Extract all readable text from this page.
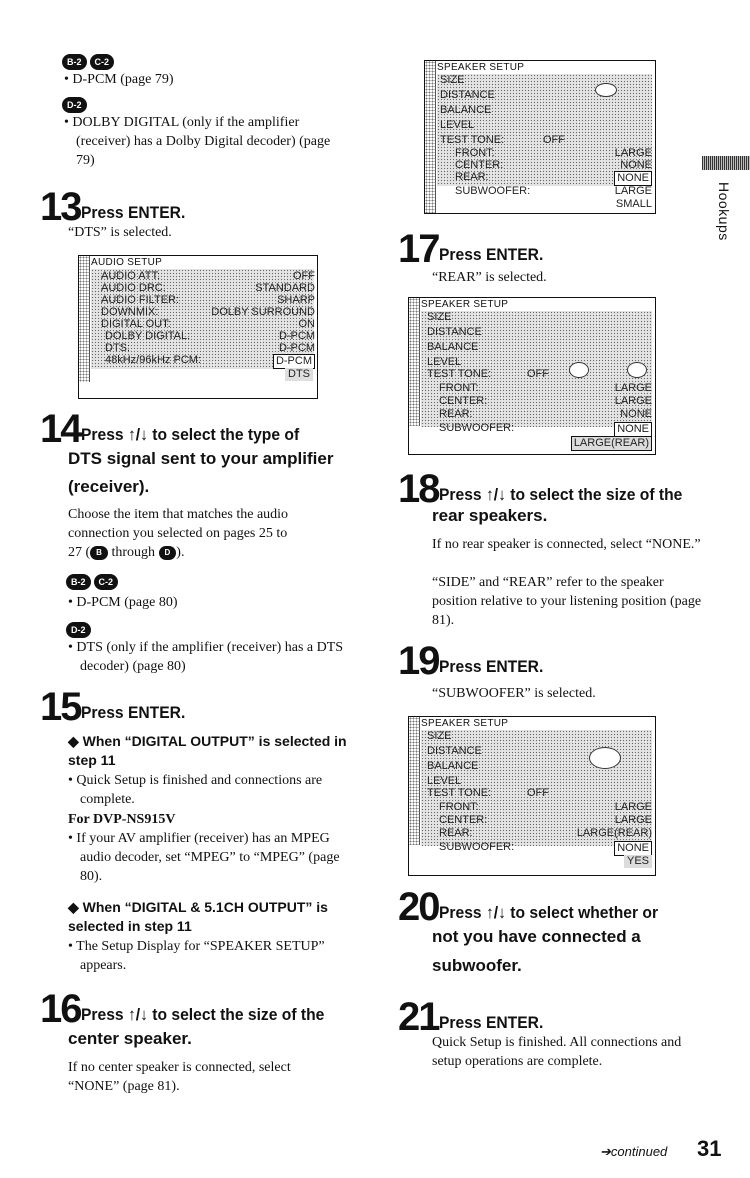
Hookups
B-2 C-2
• D-PCM (page 79)
D-2
• DOLBY DIGITAL (only if the amplifier (receiver) has a Dolby Digital decoder) (page 79)
13 Press ENTER.
“DTS” is selected.
AUDIO SETUP
AUDIO ATT:	OFF
AUDIO DRC:	STANDARD
AUDIO FILTER:	SHARP
DOWNMIX:	DOLBY SURROUND
DIGITAL OUT:	ON
DOLBY DIGITAL:	D-PCM
DTS:	D-PCM
48kHz/96kHz PCM:	D-PCM
DTS
14 Press ↑/↓ to select the type of
DTS signal sent to your amplifier
(receiver).
Choose the item that matches the audio connection you selected on pages 25 to
27 ( B through D ).
B-2 C-2
• D-PCM (page 80)
D-2
• DTS (only if the amplifier (receiver) has a DTS decoder) (page 80)
15 Press ENTER.
◆ When “DIGITAL OUTPUT” is selected in step 11
• Quick Setup is finished and connections are complete.
For DVP-NS915V
• If your AV amplifier (receiver) has an MPEG audio decoder, set “MPEG” to “MPEG” (page 80).
◆ When “DIGITAL & 5.1CH OUTPUT” is selected in step 11
• The Setup Display for “SPEAKER SETUP” appears.
16 Press ↑/↓ to select the size of the
center speaker.
If no center speaker is connected, select “NONE” (page 81).
SPEAKER SETUP
SIZE
DISTANCE
BALANCE
LEVEL
TEST TONE:	OFF
FRONT:	LARGE
CENTER:	NONE
REAR:	NONE
SUBWOOFER:	LARGE
SMALL
17 Press ENTER.
“REAR” is selected.
SPEAKER SETUP
SIZE
DISTANCE
BALANCE
LEVEL
TEST TONE:	OFF
FRONT:	LARGE
CENTER:	LARGE
REAR:	NONE
SUBWOOFER:	NONE
LARGE(REAR)
18 Press ↑/↓ to select the size of the
rear speakers.
If no rear speaker is connected, select “NONE.”
“SIDE” and “REAR” refer to the speaker position relative to your listening position (page 81).
19 Press ENTER.
“SUBWOOFER” is selected.
SPEAKER SETUP
SIZE
DISTANCE
BALANCE
LEVEL
TEST TONE:	OFF
FRONT:	LARGE
CENTER:	LARGE
REAR:	LARGE(REAR)
SUBWOOFER:	NONE
YES
20 Press ↑/↓ to select whether or
not you have connected a
subwoofer.
21 Press ENTER.
Quick Setup is finished. All connections and setup operations are complete.
➔continued 31
